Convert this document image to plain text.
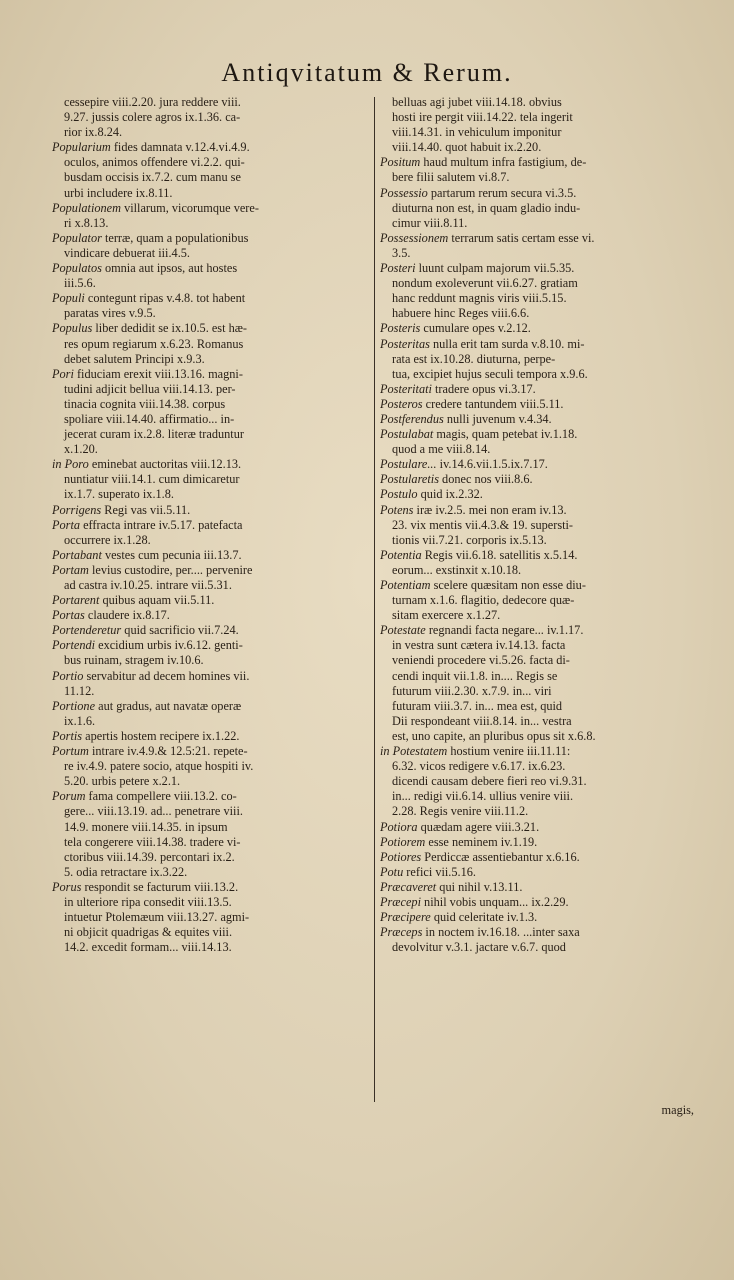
Antiqvitatum & Rerum.
cessepire viii.2.20. jura reddere viii.
9.27. jussis colere agros ix.1.36. ca-
rior ix.8.24.
Popularium fides damnata v.12.4.vi.4.9.
oculos, animos offendere vi.2.2. qui-
busdam occisis ix.7.2. cum manu se
urbi includere ix.8.11.
Populationem villarum, vicorumque vere-
ri x.8.13.
Populator terræ, quam a populationibus
vindicare debuerat iii.4.5.
Populatos omnia aut ipsos, aut hostes
iii.5.6.
Populi contegunt ripas v.4.8. tot habent
paratas vires v.9.5.
Populus liber dedidit se ix.10.5. est hæ-
res opum regiarum x.6.23. Romanus
debet salutem Principi x.9.3.
Pori fiduciam erexit viii.13.16. magni-
tudini adjicit bellua viii.14.13. per-
tinacia cognita viii.14.38. corpus
spoliare viii.14.40. affirmatio... in-
jecerat curam ix.2.8. literæ traduntur
x.1.20.
in Poro eminebat auctoritas viii.12.13.
nuntiatur viii.14.1. cum dimicaretur
ix.1.7. superato ix.1.8.
Porrigens Regi vas vii.5.11.
Porta effracta intrare iv.5.17. patefacta
occurrere ix.1.28.
Portabant vestes cum pecunia iii.13.7.
Portam levius custodire, per.... pervenire
ad castra iv.10.25. intrare vii.5.31.
Portarent quibus aquam vii.5.11.
Portas claudere ix.8.17.
Portenderetur quid sacrificio vii.7.24.
Portendi excidium urbis iv.6.12. genti-
bus ruinam, stragem iv.10.6.
Portio servabitur ad decem homines vii.
11.12.
Portione aut gradus, aut navatæ operæ
ix.1.6.
Portis apertis hostem recipere ix.1.22.
Portum intrare iv.4.9.& 12.5:21. repete-
re iv.4.9. patere socio, atque hospiti iv.
5.20. urbis petere x.2.1.
Porum fama compellere viii.13.2. co-
gere... viii.13.19. ad... penetrare viii.
14.9. monere viii.14.35. in ipsum
tela congerere viii.14.38. tradere vi-
ctoribus viii.14.39. percontari ix.2.
5. odia retractare ix.3.22.
Porus respondit se facturum viii.13.2.
in ulteriore ripa consedit viii.13.5.
intuetur Ptolemæum viii.13.27. agmi-
ni objicit quadrigas & equites viii.
14.2. excedit formam... viii.14.13.
belluas agi jubet viii.14.18. obvius
hosti ire pergit viii.14.22. tela ingerit
viii.14.31. in vehiculum imponitur
viii.14.40. quot habuit ix.2.20.
Positum haud multum infra fastigium, de-
bere filii salutem vi.8.7.
Possessio partarum rerum secura vi.3.5.
diuturna non est, in quam gladio indu-
cimur viii.8.11.
Possessionem terrarum satis certam esse vi.
3.5.
Posteri luunt culpam majorum vii.5.35.
nondum exoleverunt vii.6.27. gratiam
hanc reddunt magnis viris viii.5.15.
habuere hinc Reges viii.6.6.
Posteris cumulare opes v.2.12.
Posteritas nulla erit tam surda v.8.10. mi-
rata est ix.10.28. diuturna, perpe-
tua, excipiet hujus seculi tempora x.9.6.
Posteritati tradere opus vi.3.17.
Posteros credere tantundem viii.5.11.
Postferendus nulli juvenum v.4.34.
Postulabat magis, quam petebat iv.1.18.
quod a me viii.8.14.
Postulare... iv.14.6.vii.1.5.ix.7.17.
Postularetis donec nos viii.8.6.
Postulo quid ix.2.32.
Potens iræ iv.2.5. mei non eram iv.13.
23. vix mentis vii.4.3.& 19. supersti-
tionis vii.7.21. corporis ix.5.13.
Potentia Regis vii.6.18. satellitis x.5.14.
eorum... exstinxit x.10.18.
Potentiam scelere quæsitam non esse diu-
turnam x.1.6. flagitio, dedecore quæ-
sitam exercere x.1.27.
Potestate regnandi facta negare... iv.1.17.
in vestra sunt cætera iv.14.13. facta
veniendi procedere vi.5.26. facta di-
cendi inquit vii.1.8. in.... Regis se
futurum viii.2.30. x.7.9. in... viri
futuram viii.3.7. in... mea est, quid
Dii respondeant viii.8.14. in... vestra
est, uno capite, an pluribus opus sit x.6.8.
in Potestatem hostium venire iii.11.11:
6.32. vicos redigere v.6.17. ix.6.23.
dicendi causam debere fieri reo vi.9.31.
in... redigi vii.6.14. ullius venire viii.
2.28. Regis venire viii.11.2.
Potiora quædam agere viii.3.21.
Potiorem esse neminem iv.1.19.
Potiores Perdiccæ assentiebantur x.6.16.
Potu refici vii.5.16.
Præcaveret qui nihil v.13.11.
Præcepi nihil vobis unquam... ix.2.29.
Præcipere quid celeritate iv.1.3.
Præceps in noctem iv.16.18. ...inter saxa
devolvitur v.3.1. jactare v.6.7. quod
magis,
